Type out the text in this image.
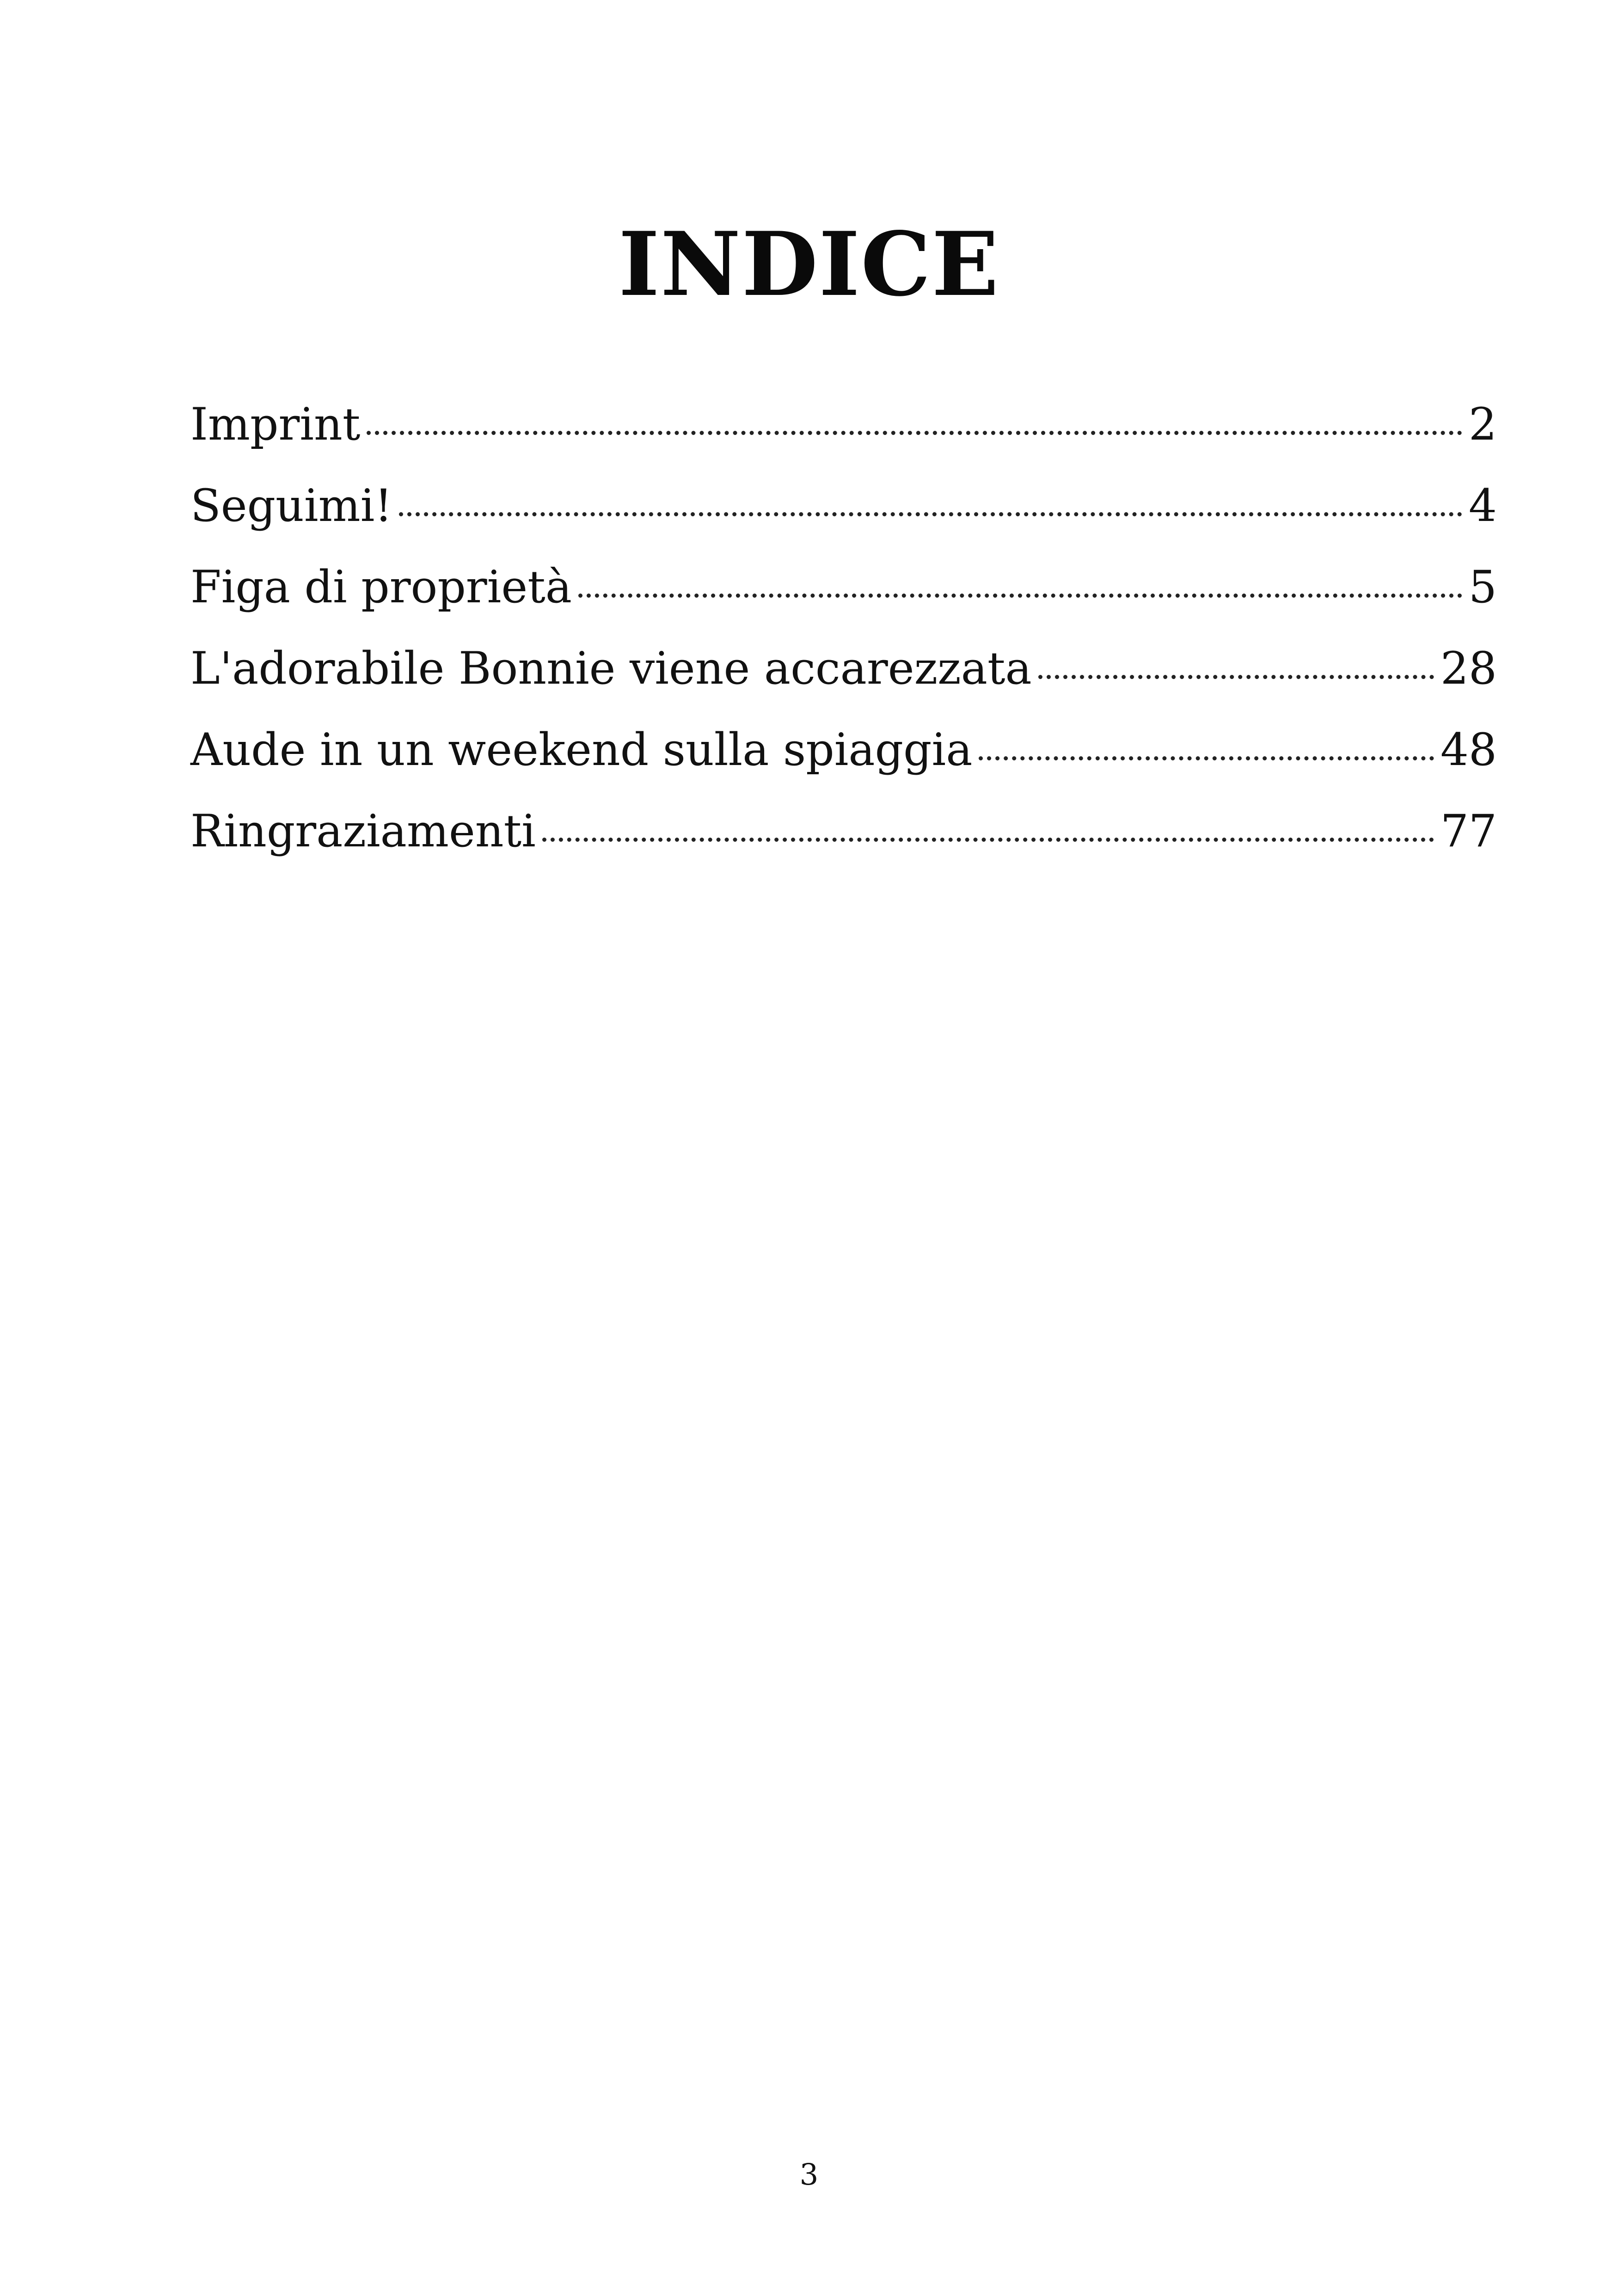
INDICE
Imprint	2
Seguimi!	4
Figa di proprietà	5
L'adorabile Bonnie viene accarezzata	28
Aude in un weekend sulla spiaggia	48
Ringraziamenti	77
3
